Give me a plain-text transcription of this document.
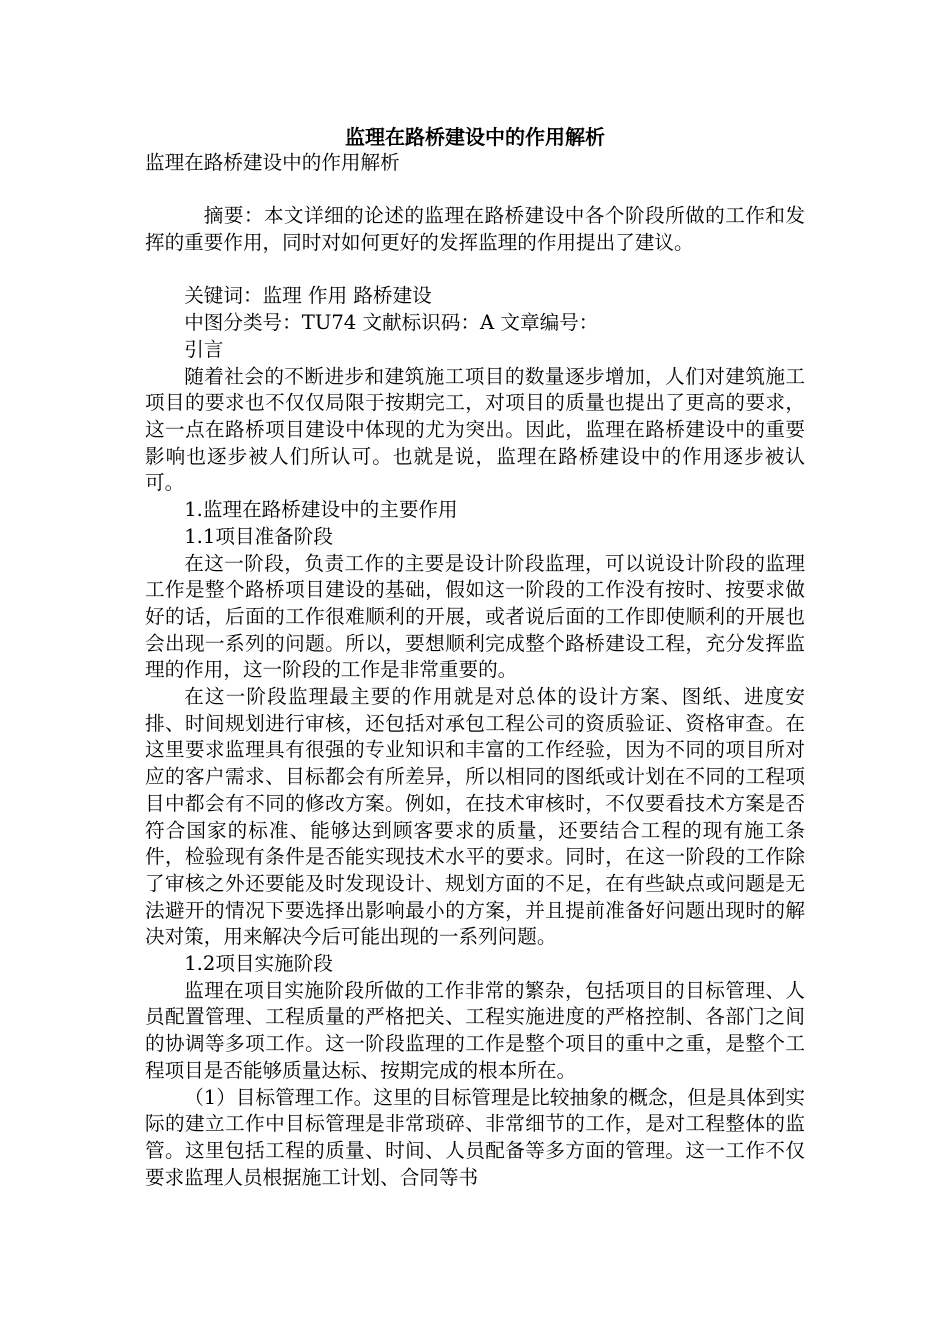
监理在路桥建设中的作用解析

监理在路桥建设中的作用解析

摘要：本文详细的论述的监理在路桥建设中各个阶段所做的工作和发挥的重要作用，同时对如何更好的发挥监理的作用提出了建议。

关键词：监理 作用 路桥建设

中图分类号：TU74 文献标识码：A 文章编号：

引言

随着社会的不断进步和建筑施工项目的数量逐步增加，人们对建筑施工项目的要求也不仅仅局限于按期完工，对项目的质量也提出了更高的要求，这一点在路桥项目建设中体现的尤为突出。因此，监理在路桥建设中的重要影响也逐步被人们所认可。也就是说，监理在路桥建设中的作用逐步被认可。

1.监理在路桥建设中的主要作用

1.1项目准备阶段

在这一阶段，负责工作的主要是设计阶段监理，可以说设计阶段的监理工作是整个路桥项目建设的基础，假如这一阶段的工作没有按时、按要求做好的话，后面的工作很难顺利的开展，或者说后面的工作即使顺利的开展也会出现一系列的问题。所以，要想顺利完成整个路桥建设工程，充分发挥监理的作用，这一阶段的工作是非常重要的。

在这一阶段监理最主要的作用就是对总体的设计方案、图纸、进度安排、时间规划进行审核，还包括对承包工程公司的资质验证、资格审查。在这里要求监理具有很强的专业知识和丰富的工作经验，因为不同的项目所对应的客户需求、目标都会有所差异，所以相同的图纸或计划在不同的工程项目中都会有不同的修改方案。例如，在技术审核时，不仅要看技术方案是否符合国家的标准、能够达到顾客要求的质量，还要结合工程的现有施工条件，检验现有条件是否能实现技术水平的要求。同时，在这一阶段的工作除了审核之外还要能及时发现设计、规划方面的不足，在有些缺点或问题是无法避开的情况下要选择出影响最小的方案，并且提前准备好问题出现时的解决对策，用来解决今后可能出现的一系列问题。

1.2项目实施阶段

监理在项目实施阶段所做的工作非常的繁杂，包括项目的目标管理、人员配置管理、工程质量的严格把关、工程实施进度的严格控制、各部门之间的协调等多项工作。这一阶段监理的工作是整个项目的重中之重，是整个工程项目是否能够质量达标、按期完成的根本所在。

（1）目标管理工作。这里的目标管理是比较抽象的概念，但是具体到实际的建立工作中目标管理是非常琐碎、非常细节的工作，是对工程整体的监管。这里包括工程的质量、时间、人员配备等多方面的管理。这一工作不仅要求监理人员根据施工计划、合同等书
